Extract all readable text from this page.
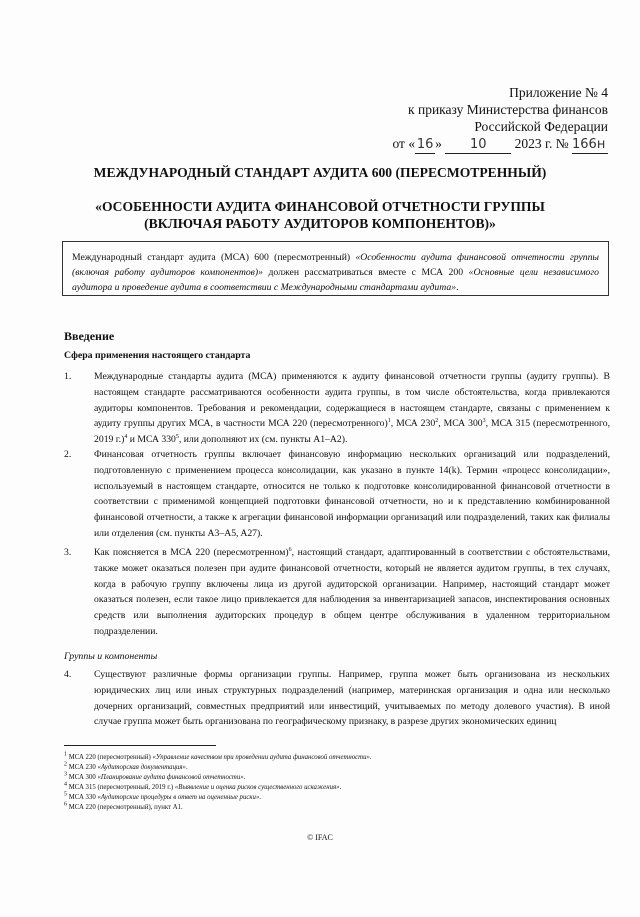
Приложение № 4
к приказу Министерства финансов
Российской Федерации
от « 16 » 10 2023 г. № 166н
МЕЖДУНАРОДНЫЙ СТАНДАРТ АУДИТА 600 (ПЕРЕСМОТРЕННЫЙ)
«ОСОБЕННОСТИ АУДИТА ФИНАНСОВОЙ ОТЧЕТНОСТИ ГРУППЫ
(ВКЛЮЧАЯ РАБОТУ АУДИТОРОВ КОМПОНЕНТОВ)»
Международный стандарт аудита (МСА) 600 (пересмотренный) «Особенности аудита финансовой отчетности группы (включая работу аудиторов компонентов)» должен рассматриваться вместе с МСА 200 «Основные цели независимого аудитора и проведение аудита в соответствии с Международными стандартами аудита».
Введение
Сфера применения настоящего стандарта
1. Международные стандарты аудита (МСА) применяются к аудиту финансовой отчетности группы (аудиту группы). В настоящем стандарте рассматриваются особенности аудита группы, в том числе обстоятельства, когда привлекаются аудиторы компонентов. Требования и рекомендации, содержащиеся в настоящем стандарте, связаны с применением к аудиту группы других МСА, в частности МСА 220 (пересмотренного)$^1$, МСА $230^2$, МСА $300^3$, МСА 315 (пересмотренного, 2019 г.)$^4$ и МСА $330^5$, или дополняют их (см. пункты A1–A2).
2. Финансовая отчетность группы включает финансовую информацию нескольких организаций или подразделений, подготовленную с применением процесса консолидации, как указано в пункте 14(k). Термин «процесс консолидации», используемый в настоящем стандарте, относится не только к подготовке консолидированной финансовой отчетности в соответствии с применимой концепцией подготовки финансовой отчетности, но и к представлению комбинированной финансовой отчетности, а также к агрегации финансовой информации организаций или подразделений, таких как филиалы или отделения (см. пункты A3–A5, A27).
3. Как поясняется в МСА 220 (пересмотренном)$^6$, настоящий стандарт, адаптированный в соответствии с обстоятельствами, также может оказаться полезен при аудите финансовой отчетности, который не является аудитом группы, в тех случаях, когда в рабочую группу включены лица из другой аудиторской организации. Например, настоящий стандарт может оказаться полезен, если такое лицо привлекается для наблюдения за инвентаризацией запасов, инспектирования основных средств или выполнения аудиторских процедур в общем центре обслуживания в удаленном территориальном подразделении.
Группы и компоненты
4. Существуют различные формы организации группы. Например, группа может быть организована из нескольких юридических лиц или иных структурных подразделений (например, материнская организация и одна или несколько дочерних организаций, совместных предприятий или инвестиций, учитываемых по методу долевого участия). В иной случае группа может быть организована по географическому признаку, в разрезе других экономических единиц
$^1$ МСА 220 (пересмотренный) «Управление качеством при проведении аудита финансовой отчетности».
$^2$ МСА 230 «Аудиторская документация».
$^3$ МСА 300 «Планирование аудита финансовой отчетности».
$^4$ МСА 315 (пересмотренный, 2019 г.) «Выявление и оценка рисков существенного искажения».
$^5$ МСА 330 «Аудиторские процедуры в ответ на оцененные риски».
$^6$ МСА 220 (пересмотренный), пункт A1.
© IFAC
